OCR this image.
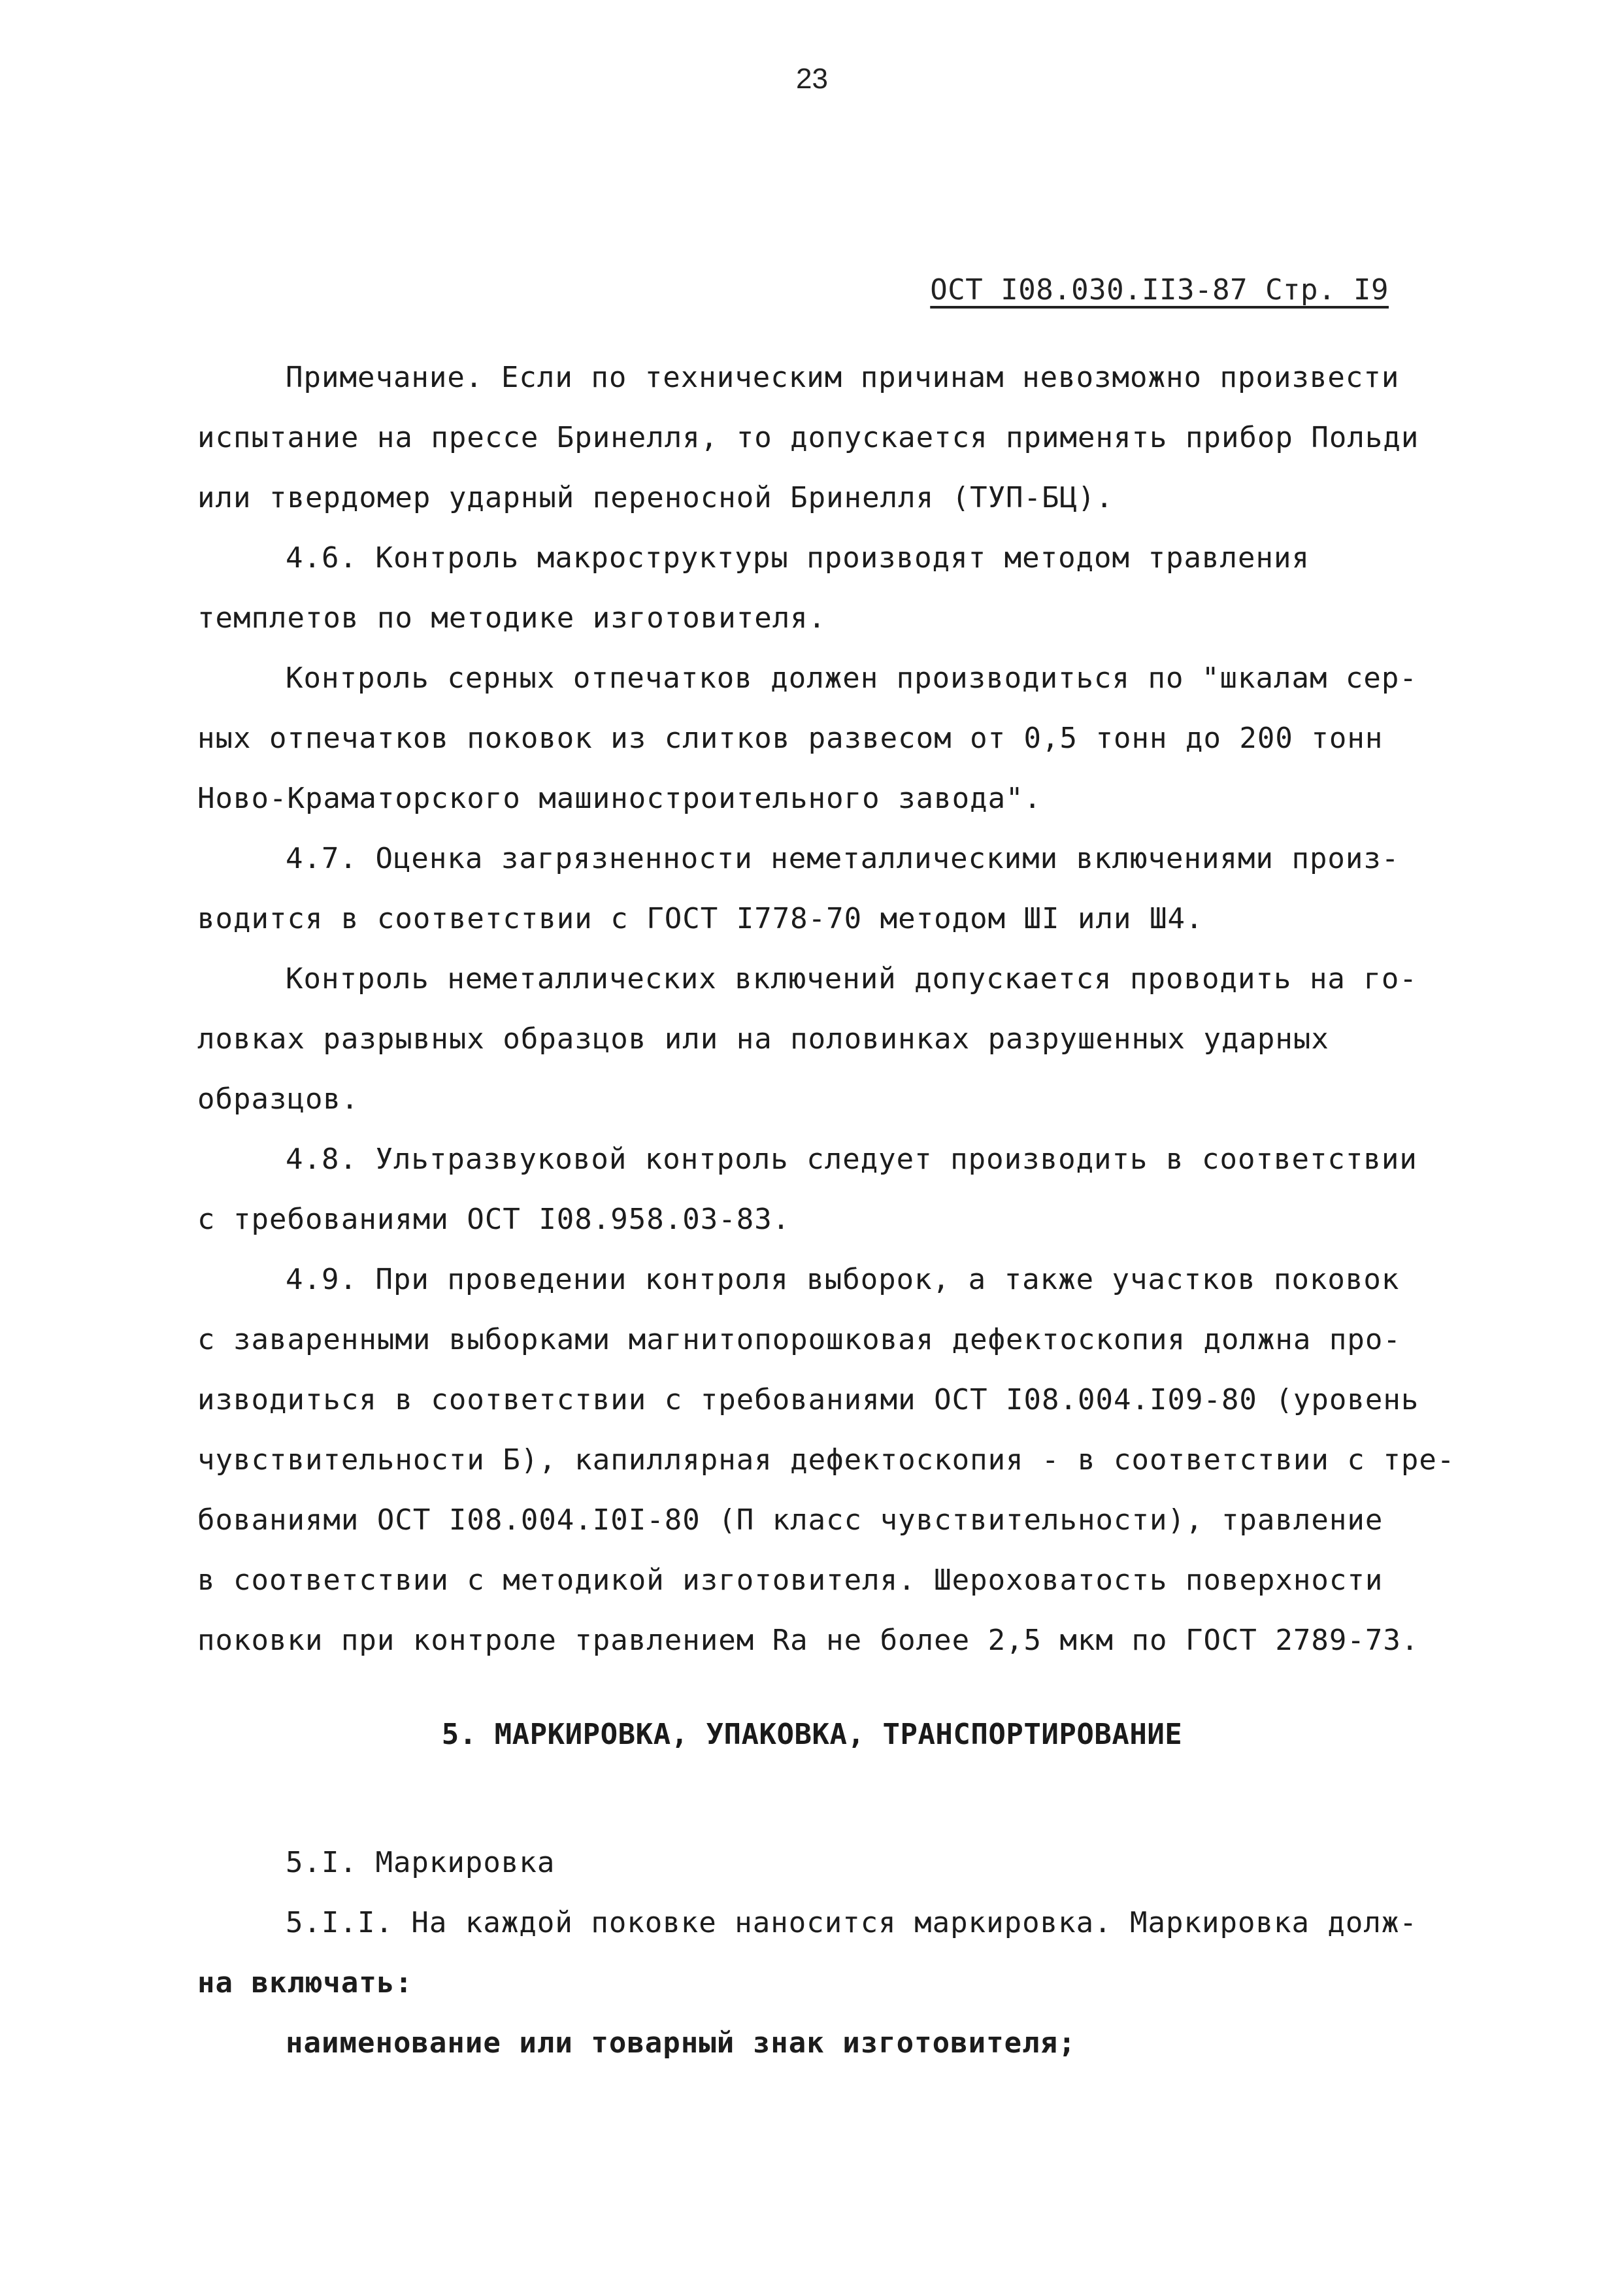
23
ОСТ I08.030.II3-87 Стр. I9
Примечание. Если по техническим причинам невозможно произвести
испытание на прессе Бринелля, то допускается применять прибор Польди
или твердомер ударный переносной Бринелля (ТУП-БЦ).
4.6. Контроль макроструктуры производят методом травления
темплетов по методике изготовителя.
Контроль серных отпечатков должен производиться по "шкалам сер-
ных отпечатков поковок из слитков развесом от 0,5 тонн до 200 тонн
Ново-Краматорского машиностроительного завода".
4.7. Оценка загрязненности неметаллическими включениями произ-
водится в соответствии с ГОСТ I778-70 методом ШI или Ш4.
Контроль неметаллических включений допускается проводить на го-
ловках разрывных образцов или на половинках разрушенных ударных
образцов.
4.8. Ультразвуковой контроль следует производить в соответствии
с требованиями ОСТ I08.958.03-83.
4.9. При проведении контроля выборок, а также участков поковок
с заваренными выборками магнитопорошковая дефектоскопия должна про-
изводиться в соответствии с требованиями ОСТ I08.004.I09-80 (уровень
чувствительности Б), капиллярная дефектоскопия - в соответствии с тре-
бованиями ОСТ I08.004.I0I-80 (П класс чувствительности), травление
в соответствии с методикой изготовителя. Шероховатость поверхности
поковки при контроле травлением Rа не более 2,5 мкм по ГОСТ 2789-73.
5. МАРКИРОВКА, УПАКОВКА, ТРАНСПОРТИРОВАНИЕ
5.I. Маркировка
5.I.I. На каждой поковке наносится маркировка. Маркировка долж-
на включать:
наименование или товарный знак изготовителя;
